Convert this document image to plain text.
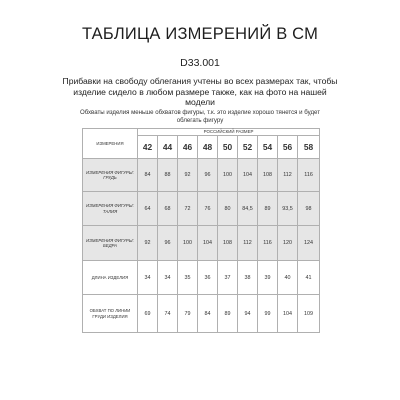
ТАБЛИЦА ИЗМЕРЕНИЙ В СМ
D33.001
Прибавки на свободу облегания учтены во всех размерах так, чтобы изделие сидело в любом размере также, как на фото на нашей модели
Обхваты изделия меньше обхватов фигуры, т.к. это изделие хорошо тянется и будет облегать фигуру
ИЗМЕРЕНИЯ	РОССИЙСКИЙ РАЗМЕР								
	42	44	46	48	50	52	54	56	58
ИЗМЕРЕНИЯ ФИГУРЫ: ГРУДЬ	84	88	92	96	100	104	108	112	116
ИЗМЕРЕНИЯ ФИГУРЫ: ТАЛИЯ	64	68	72	76	80	84,5	89	93,5	98
ИЗМЕРЕНИЯ ФИГУРЫ: БЕДРА	92	96	100	104	108	112	116	120	124
ДЛИНА ИЗДЕЛИЯ	34	34	35	36	37	38	39	40	41
ОБХВАТ ПО ЛИНИИ ГРУДИ ИЗДЕЛИЯ	69	74	79	84	89	94	99	104	109
